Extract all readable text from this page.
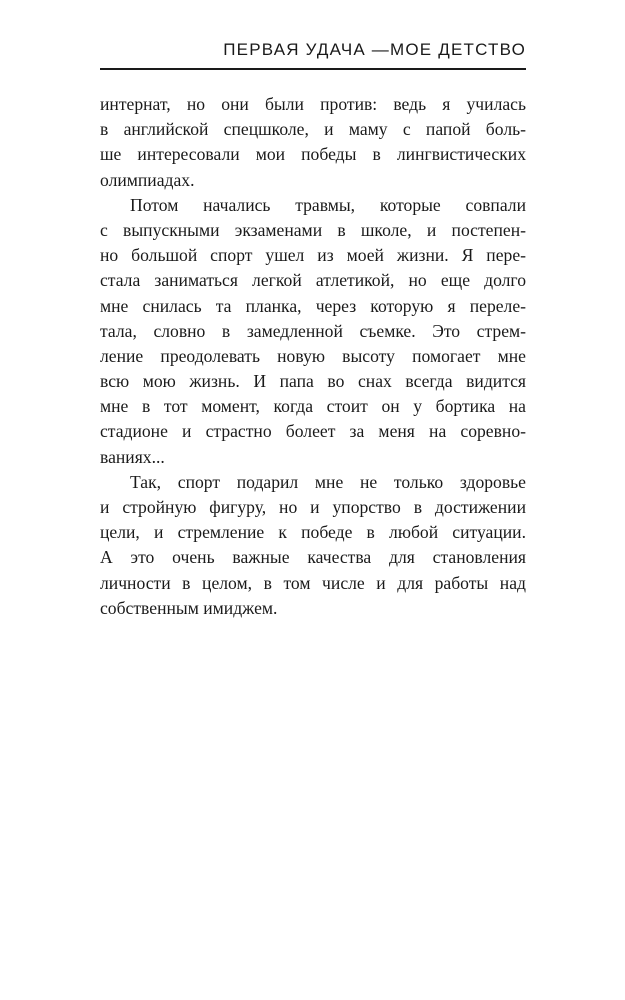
ПЕРВАЯ УДАЧА —МОЕ ДЕТСТВО
интернат, но они были против: ведь я училась
в английской спецшколе, и маму с папой боль-
ше интересовали мои победы в лингвистических
олимпиадах.
Потом начались травмы, которые совпали
с выпускными экзаменами в школе, и постепен-
но большой спорт ушел из моей жизни. Я пере-
стала заниматься легкой атлетикой, но еще долго
мне снилась та планка, через которую я переле-
тала, словно в замедленной съемке. Это стрем-
ление преодолевать новую высоту помогает мне
всю мою жизнь. И папа во снах всегда видится
мне в тот момент, когда стоит он у бортика на
стадионе и страстно болеет за меня на соревно-
ваниях...
Так, спорт подарил мне не только здоровье
и стройную фигуру, но и упорство в достижении
цели, и стремление к победе в любой ситуации.
А это очень важные качества для становления
личности в целом, в том числе и для работы над
собственным имиджем.
